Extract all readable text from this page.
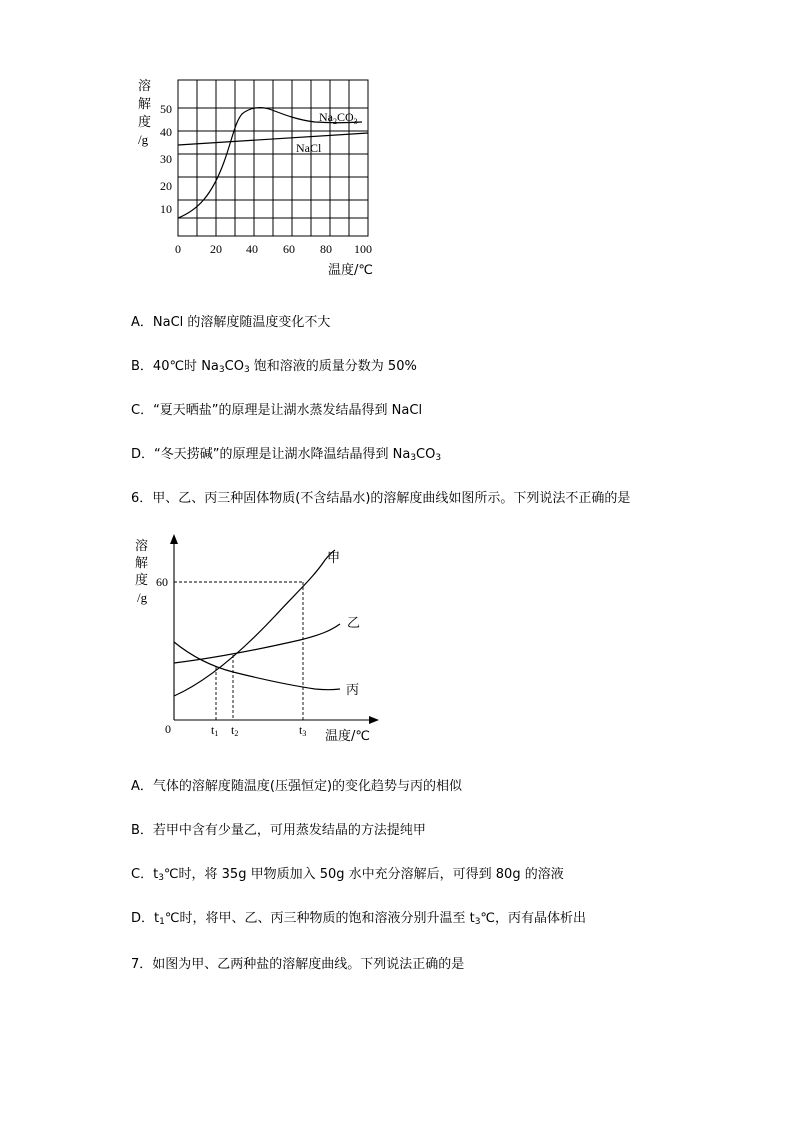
溶
解
度
/g
50
40
30
20
10
0 20 40 60 80 100
温度/℃
$Na_2CO_3$
NaCl
A．NaCl 的溶解度随温度变化不大
B．40℃时 $Na_3CO_3$ 饱和溶液的质量分数为 50%
C．“夏天晒盐”的原理是让湖水蒸发结晶得到 NaCl
D．“冬天捞碱”的原理是让湖水降温结晶得到 $Na_3CO_3$
6．甲、乙、丙三种固体物质(不含结晶水)的溶解度曲线如图所示。下列说法不正确的是
溶
解
度
/g
60
0	t1 t2	t3 温度/℃
甲
乙
丙
A．气体的溶解度随温度(压强恒定)的变化趋势与丙的相似
B．若甲中含有少量乙，可用蒸发结晶的方法提纯甲
C．$t_3℃$时，将 35g 甲物质加入 50g 水中充分溶解后，可得到 80g 的溶液
D．$t_1℃$时，将甲、乙、丙三种物质的饱和溶液分别升温至 $t_3℃$，丙有晶体析出
7．如图为甲、乙两种盐的溶解度曲线。下列说法正确的是
